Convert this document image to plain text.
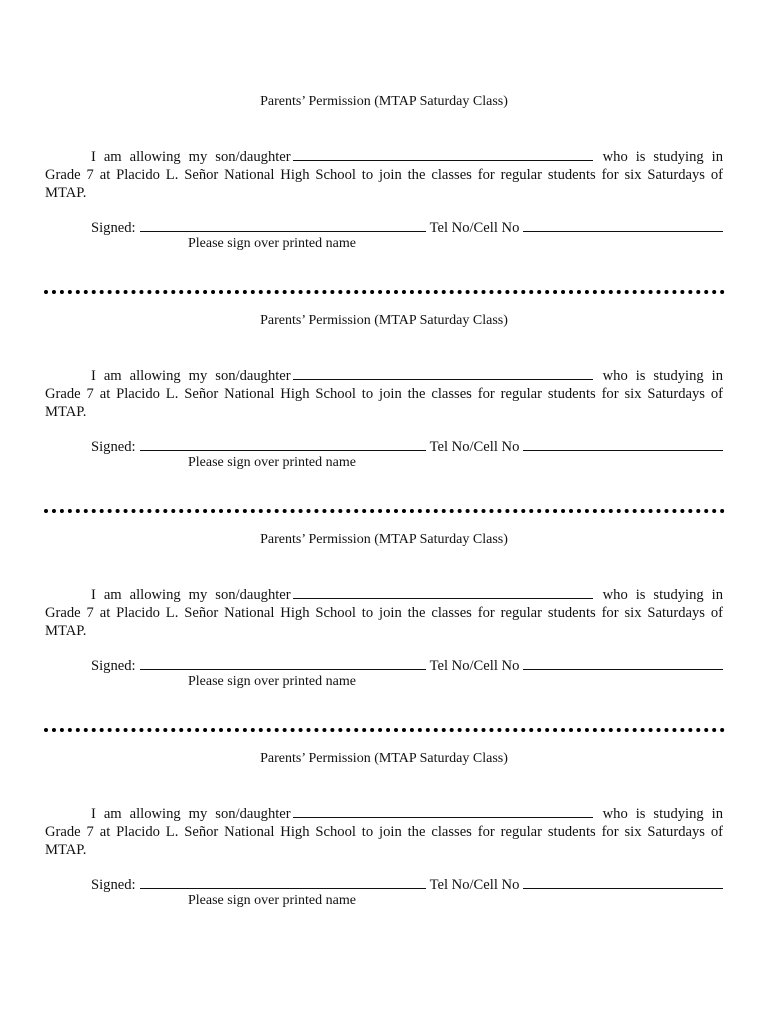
Parents’ Permission (MTAP Saturday Class)

I am allowing my son/daughter	who is studying in Grade 7 at Placido L. Señor National High School to join the classes for regular students for six Saturdays of MTAP.

Signed:	Tel No/Cell No
Please sign over printed name
Parents’ Permission (MTAP Saturday Class)

I am allowing my son/daughter	who is studying in Grade 7 at Placido L. Señor National High School to join the classes for regular students for six Saturdays of MTAP.

Signed:	Tel No/Cell No
Please sign over printed name
Parents’ Permission (MTAP Saturday Class)

I am allowing my son/daughter	who is studying in Grade 7 at Placido L. Señor National High School to join the classes for regular students for six Saturdays of MTAP.

Signed:	Tel No/Cell No
Please sign over printed name
Parents’ Permission (MTAP Saturday Class)

I am allowing my son/daughter	who is studying in Grade 7 at Placido L. Señor National High School to join the classes for regular students for six Saturdays of MTAP.

Signed:	Tel No/Cell No
Please sign over printed name
